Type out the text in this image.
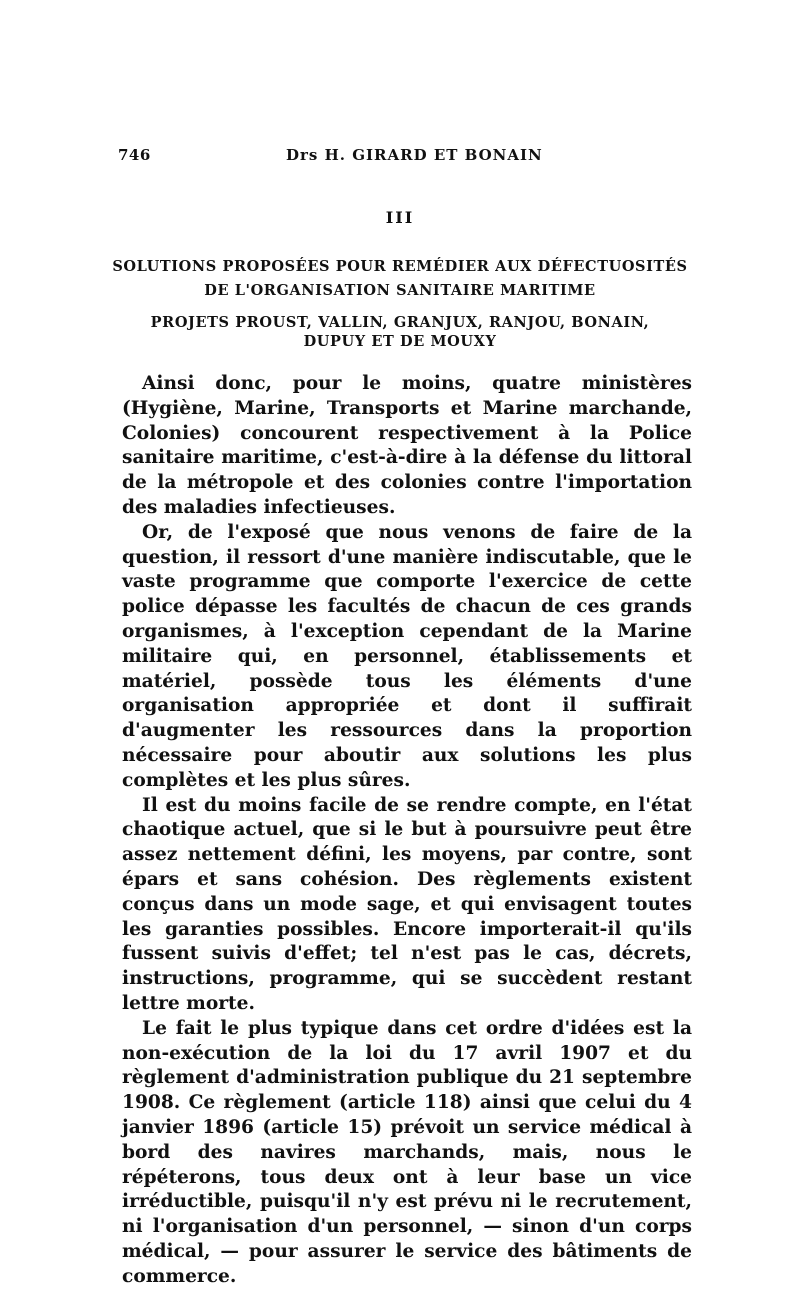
746	Drs H. GIRARD ET BONAIN
III
SOLUTIONS PROPOSÉES POUR REMÉDIER AUX DÉFECTUOSITÉS
DE L'ORGANISATION SANITAIRE MARITIME
PROJETS PROUST, VALLIN, GRANJUX, RANJOU, BONAIN,
DUPUY ET DE MOUXY

Ainsi donc, pour le moins, quatre ministères (Hygiène, Marine, Transports et Marine marchande, Colonies) concourent respectivement à la Police sanitaire maritime, c'est-à-dire à la défense du littoral de la métropole et des colonies contre l'importation des maladies infectieuses.

Or, de l'exposé que nous venons de faire de la question, il ressort d'une manière indiscutable, que le vaste programme que comporte l'exercice de cette police dépasse les facultés de chacun de ces grands organismes, à l'exception cependant de la Marine militaire qui, en personnel, établissements et matériel, possède tous les éléments d'une organisation appropriée et dont il suffirait d'augmenter les ressources dans la proportion nécessaire pour aboutir aux solutions les plus complètes et les plus sûres.

Il est du moins facile de se rendre compte, en l'état chaotique actuel, que si le but à poursuivre peut être assez nettement défini, les moyens, par contre, sont épars et sans cohésion. Des règlements existent conçus dans un mode sage, et qui envisagent toutes les garanties possibles. Encore importerait-il qu'ils fussent suivis d'effet; tel n'est pas le cas, décrets, instructions, programme, qui se succèdent restant lettre morte.

Le fait le plus typique dans cet ordre d'idées est la non-exécution de la loi du 17 avril 1907 et du règlement d'administration publique du 21 septembre 1908. Ce règlement (article 118) ainsi que celui du 4 janvier 1896 (article 15) prévoit un service médical à bord des navires marchands, mais, nous le répéterons, tous deux ont à leur base un vice irréductible, puisqu'il n'y est prévu ni le recrutement, ni l'organisation d'un personnel, — sinon d'un corps médical, — pour assurer le service des bâtiments de commerce.
